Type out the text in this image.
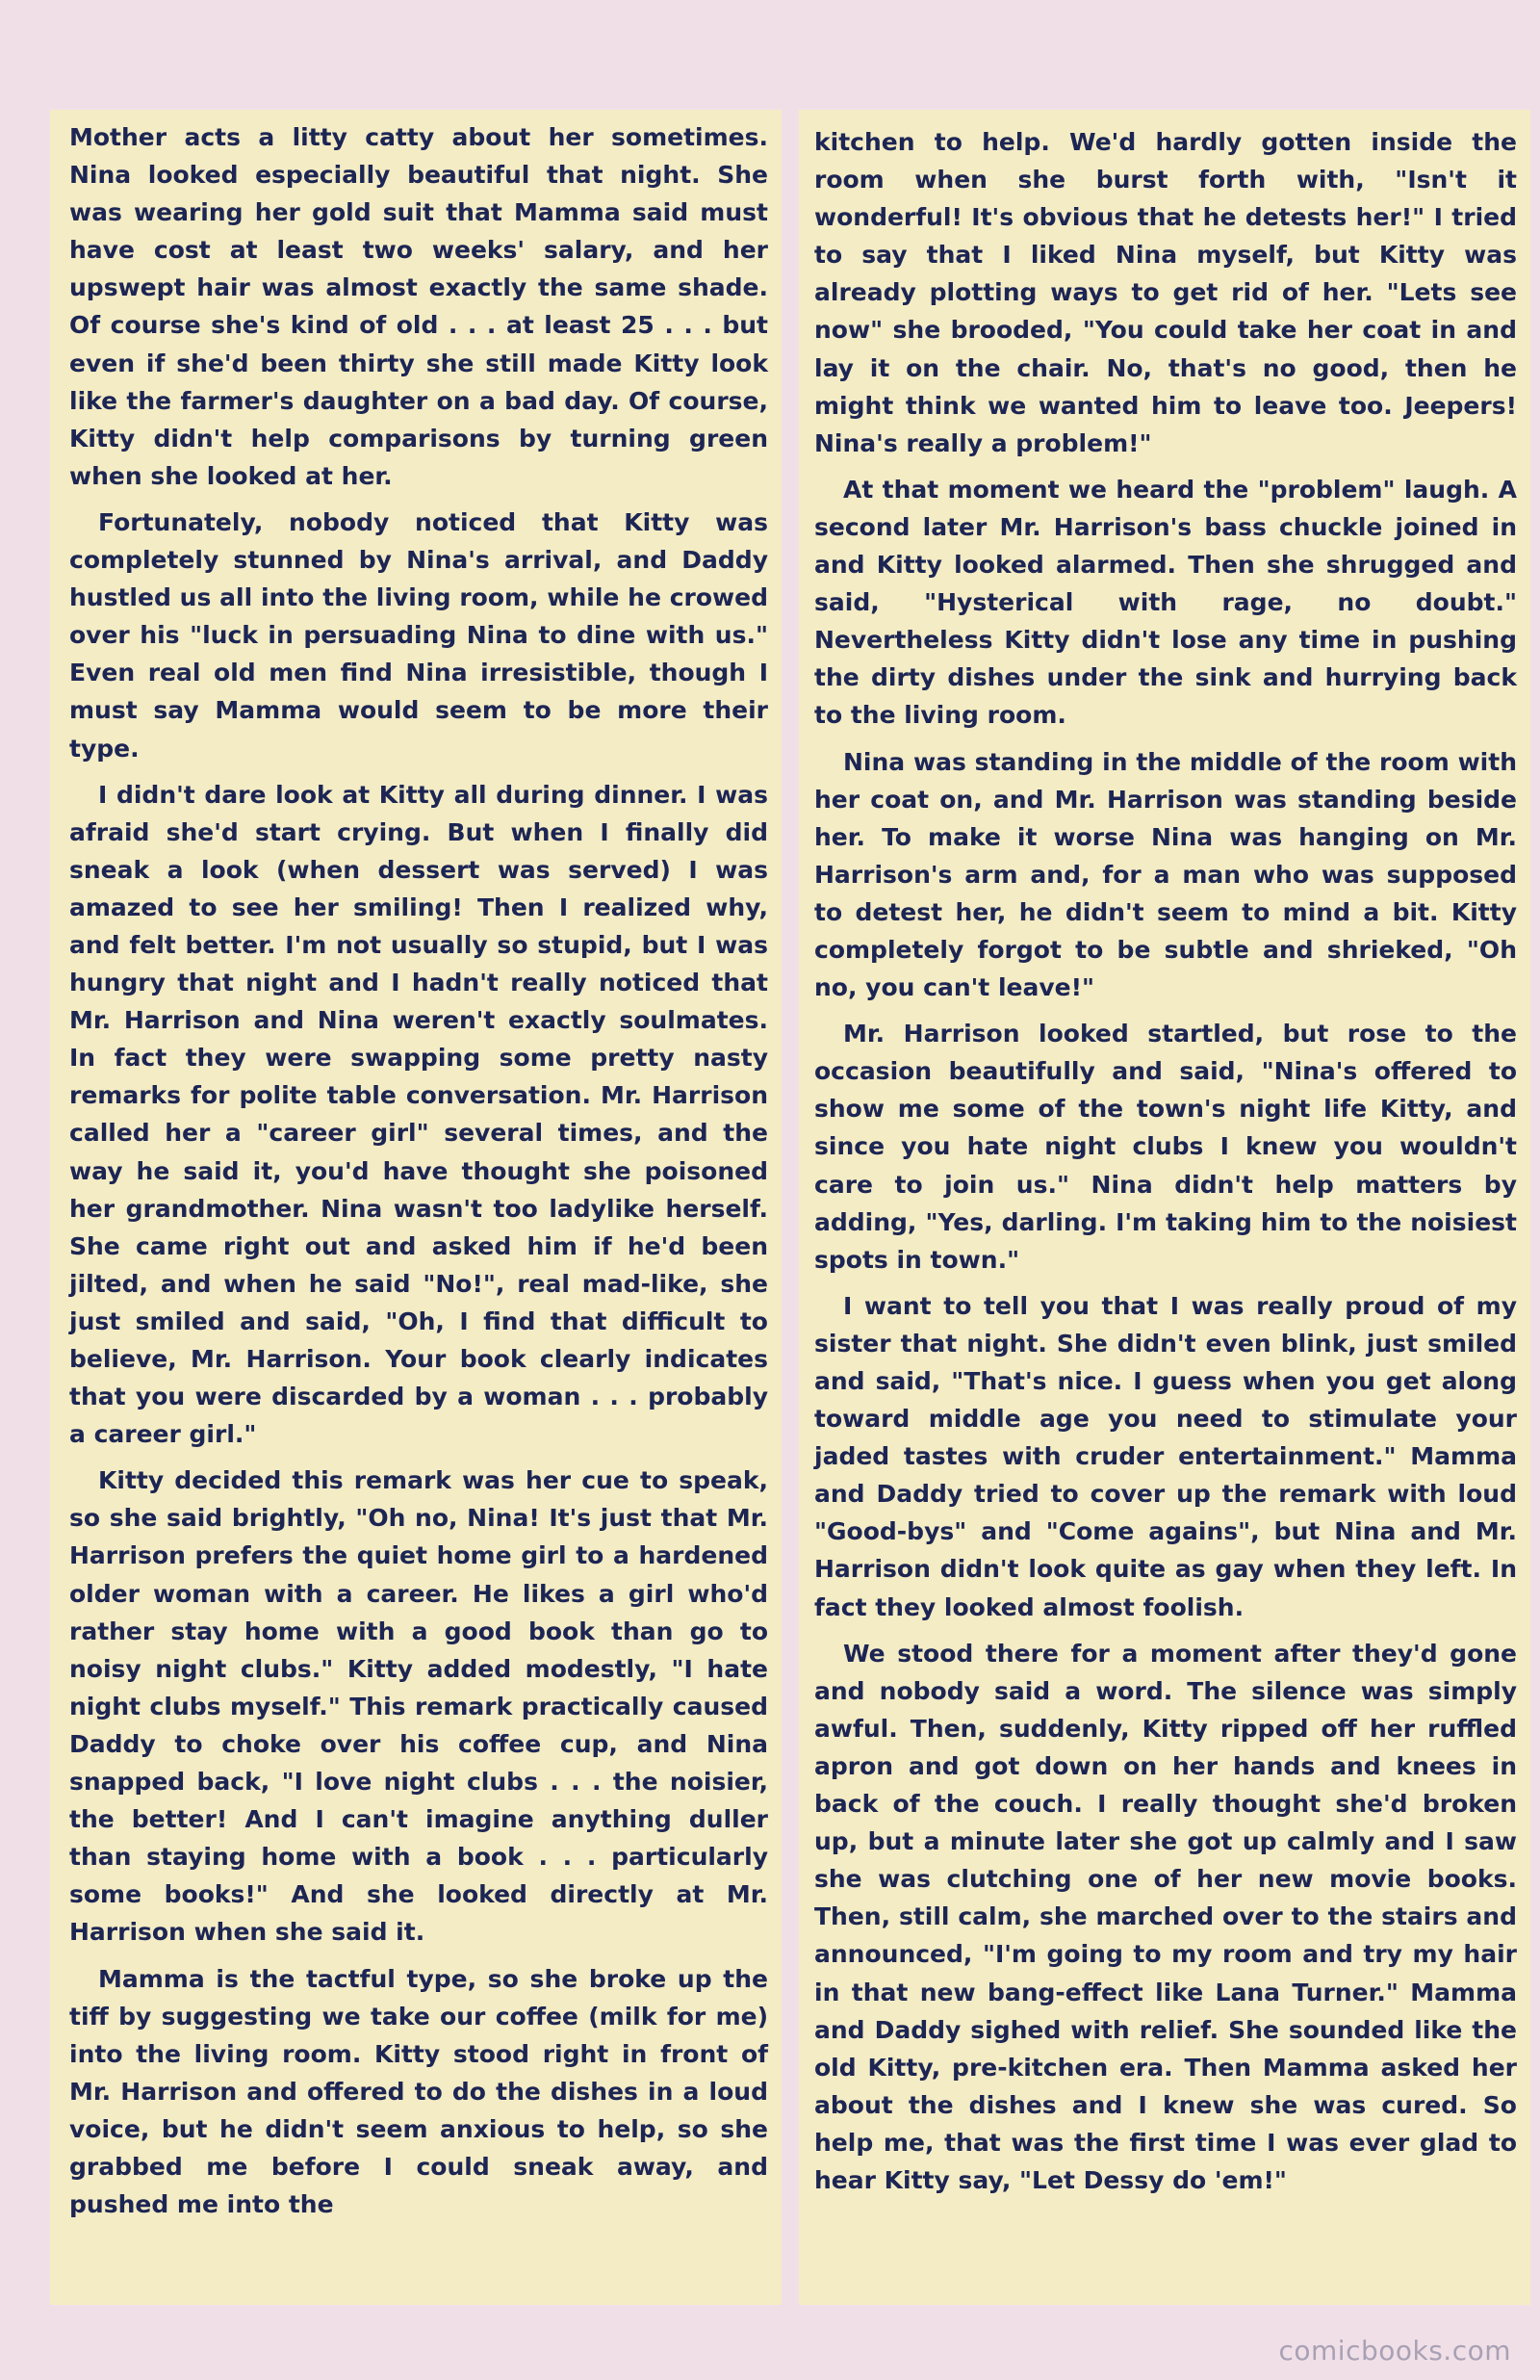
Mother acts a litty catty about her sometimes. Nina looked especially beautiful that night. She was wearing her gold suit that Mamma said must have cost at least two weeks' salary, and her upswept hair was almost exactly the same shade. Of course she's kind of old . . . at least 25 . . . but even if she'd been thirty she still made Kitty look like the farmer's daughter on a bad day. Of course, Kitty didn't help comparisons by turning green when she looked at her.

Fortunately, nobody noticed that Kitty was completely stunned by Nina's arrival, and Daddy hustled us all into the living room, while he crowed over his "luck in persuading Nina to dine with us." Even real old men find Nina irresistible, though I must say Mamma would seem to be more their type.

I didn't dare look at Kitty all during dinner. I was afraid she'd start crying. But when I finally did sneak a look (when dessert was served) I was amazed to see her smiling! Then I realized why, and felt better. I'm not usually so stupid, but I was hungry that night and I hadn't really noticed that Mr. Harrison and Nina weren't exactly soulmates. In fact they were swapping some pretty nasty remarks for polite table conversation. Mr. Harrison called her a "career girl" several times, and the way he said it, you'd have thought she poisoned her grandmother. Nina wasn't too ladylike herself. She came right out and asked him if he'd been jilted, and when he said "No!", real mad-like, she just smiled and said, "Oh, I find that difficult to believe, Mr. Harrison. Your book clearly indicates that you were discarded by a woman . . . probably a career girl."

Kitty decided this remark was her cue to speak, so she said brightly, "Oh no, Nina! It's just that Mr. Harrison prefers the quiet home girl to a hardened older woman with a career. He likes a girl who'd rather stay home with a good book than go to noisy night clubs." Kitty added modestly, "I hate night clubs myself." This remark practically caused Daddy to choke over his coffee cup, and Nina snapped back, "I love night clubs . . . the noisier, the better! And I can't imagine anything duller than staying home with a book . . . particularly some books!" And she looked directly at Mr. Harrison when she said it.

Mamma is the tactful type, so she broke up the tiff by suggesting we take our coffee (milk for me) into the living room. Kitty stood right in front of Mr. Harrison and offered to do the dishes in a loud voice, but he didn't seem anxious to help, so she grabbed me before I could sneak away, and pushed me into the

kitchen to help. We'd hardly gotten inside the room when she burst forth with, "Isn't it wonderful! It's obvious that he detests her!" I tried to say that I liked Nina myself, but Kitty was already plotting ways to get rid of her. "Lets see now" she brooded, "You could take her coat in and lay it on the chair. No, that's no good, then he might think we wanted him to leave too. Jeepers! Nina's really a problem!"

At that moment we heard the "problem" laugh. A second later Mr. Harrison's bass chuckle joined in and Kitty looked alarmed. Then she shrugged and said, "Hysterical with rage, no doubt." Nevertheless Kitty didn't lose any time in pushing the dirty dishes under the sink and hurrying back to the living room.

Nina was standing in the middle of the room with her coat on, and Mr. Harrison was standing beside her. To make it worse Nina was hanging on Mr. Harrison's arm and, for a man who was supposed to detest her, he didn't seem to mind a bit. Kitty completely forgot to be subtle and shrieked, "Oh no, you can't leave!"

Mr. Harrison looked startled, but rose to the occasion beautifully and said, "Nina's offered to show me some of the town's night life Kitty, and since you hate night clubs I knew you wouldn't care to join us." Nina didn't help matters by adding, "Yes, darling. I'm taking him to the noisiest spots in town."

I want to tell you that I was really proud of my sister that night. She didn't even blink, just smiled and said, "That's nice. I guess when you get along toward middle age you need to stimulate your jaded tastes with cruder entertainment." Mamma and Daddy tried to cover up the remark with loud "Good-bys" and "Come agains", but Nina and Mr. Harrison didn't look quite as gay when they left. In fact they looked almost foolish.

We stood there for a moment after they'd gone and nobody said a word. The silence was simply awful. Then, suddenly, Kitty ripped off her ruffled apron and got down on her hands and knees in back of the couch. I really thought she'd broken up, but a minute later she got up calmly and I saw she was clutching one of her new movie books. Then, still calm, she marched over to the stairs and announced, "I'm going to my room and try my hair in that new bang-effect like Lana Turner." Mamma and Daddy sighed with relief. She sounded like the old Kitty, pre-kitchen era. Then Mamma asked her about the dishes and I knew she was cured. So help me, that was the first time I was ever glad to hear Kitty say, "Let Dessy do 'em!"

comicbooks.com
